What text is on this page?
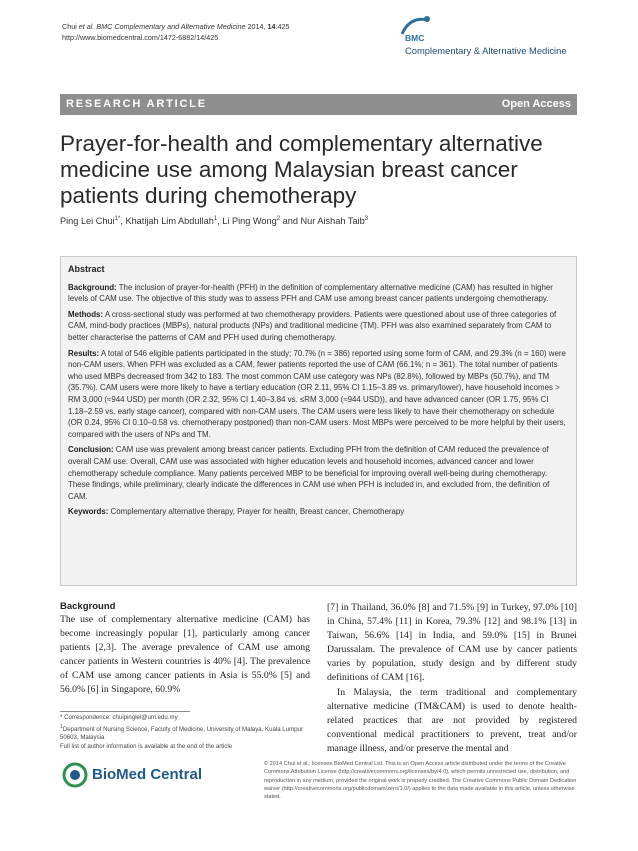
Chui et al. BMC Complementary and Alternative Medicine 2014, 14:425
http://www.biomedcentral.com/1472-6882/14/425	BMC
Complementary & Alternative Medicine
RESEARCH ARTICLE	Open Access
Prayer-for-health and complementary alternative medicine use among Malaysian breast cancer patients during chemotherapy
Ping Lei Chui$^{1*}$, Khatijah Lim Abdullah$^1$, Li Ping Wong$^2$ and Nur Aishah Taib$^3$
Abstract

Background: The inclusion of prayer-for-health (PFH) in the definition of complementary alternative medicine (CAM) has resulted in higher levels of CAM use. The objective of this study was to assess PFH and CAM use among breast cancer patients undergoing chemotherapy.

Methods: A cross-sectional study was performed at two chemotherapy providers. Patients were questioned about use of three categories of CAM, mind-body practices (MBPs), natural products (NPs) and traditional medicine (TM). PFH was also examined separately from CAM to better characterise the patterns of CAM and PFH used during chemotherapy.

Results: A total of 546 eligible patients participated in the study; 70.7% (n = 386) reported using some form of CAM, and 29.3% (n = 160) were non-CAM users. When PFH was excluded as a CAM, fewer patients reported the use of CAM (66.1%; n = 361). The total number of patients who used MBPs decreased from 342 to 183. The most common CAM use category was NPs (82.8%), followed by MBPs (50.7%), and TM (35.7%). CAM users were more likely to have a tertiary education (OR 2.11, 95% CI 1.15–3.89 vs. primary/lower), have household incomes > RM 3,000 (≈944 USD) per month (OR 2.32, 95% CI 1.40–3.84 vs. ≤RM 3,000 (≈944 USD)), and have advanced cancer (OR 1.75, 95% CI 1.18–2.59 vs. early stage cancer), compared with non-CAM users. The CAM users were less likely to have their chemotherapy on schedule (OR 0.24, 95% CI 0.10–0.58 vs. chemotherapy postponed) than non-CAM users. Most MBPs were perceived to be more helpful by their users, compared with the users of NPs and TM.

Conclusion: CAM use was prevalent among breast cancer patients. Excluding PFH from the definition of CAM reduced the prevalence of overall CAM use. Overall, CAM use was associated with higher education levels and household incomes, advanced cancer and lower chemotherapy schedule compliance. Many patients perceived MBP to be beneficial for improving overall well-being during chemotherapy. These findings, while preliminary, clearly indicate the differences in CAM use when PFH is included in, and excluded from, the definition of CAM.

Keywords: Complementary alternative therapy, Prayer for health, Breast cancer, Chemotherapy

Background

The use of complementary alternative medicine (CAM) has become increasingly popular [1], particularly among cancer patients [2,3]. The average prevalence of CAM use among cancer patients in Western countries is 40% [4]. The prevalence of CAM use among cancer patients in Asia is 55.0% [5] and 56.0% [6] in Singapore, 60.9%

[7] in Thailand, 36.0% [8] and 71.5% [9] in Turkey, 97.0% [10] in China, 57.4% [11] in Korea, 79.3% [12] and 98.1% [13] in Taiwan, 56.6% [14] in India, and 59.0% [15] in Brunei Darussalam. The prevalence of CAM use by cancer patients varies by population, study design and by different study definitions of CAM [16].

In Malaysia, the term traditional and complementary alternative medicine (TM&CAM) is used to denote health-related practices that are not provided by registered conventional medical practitioners to prevent, treat and/or manage illness, and/or preserve the mental and

* Correspondence: chuipinglei@um.edu.my

$^1$Department of Nursing Science, Faculty of Medicine, University of Malaya, Kuala Lumpur 50603, Malaysia

Full list of author information is available at the end of the article

BioMed Central
© 2014 Chui et al.; licensee BioMed Central Ltd. This is an Open Access article distributed under the terms of the Creative Commons Attribution License (http://creativecommons.org/licenses/by/4.0), which permits unrestricted use, distribution, and reproduction in any medium, provided the original work is properly credited. The Creative Commons Public Domain Dedication waiver (http://creativecommons.org/publicdomain/zero/1.0/) applies to the data made available in this article, unless otherwise stated.
